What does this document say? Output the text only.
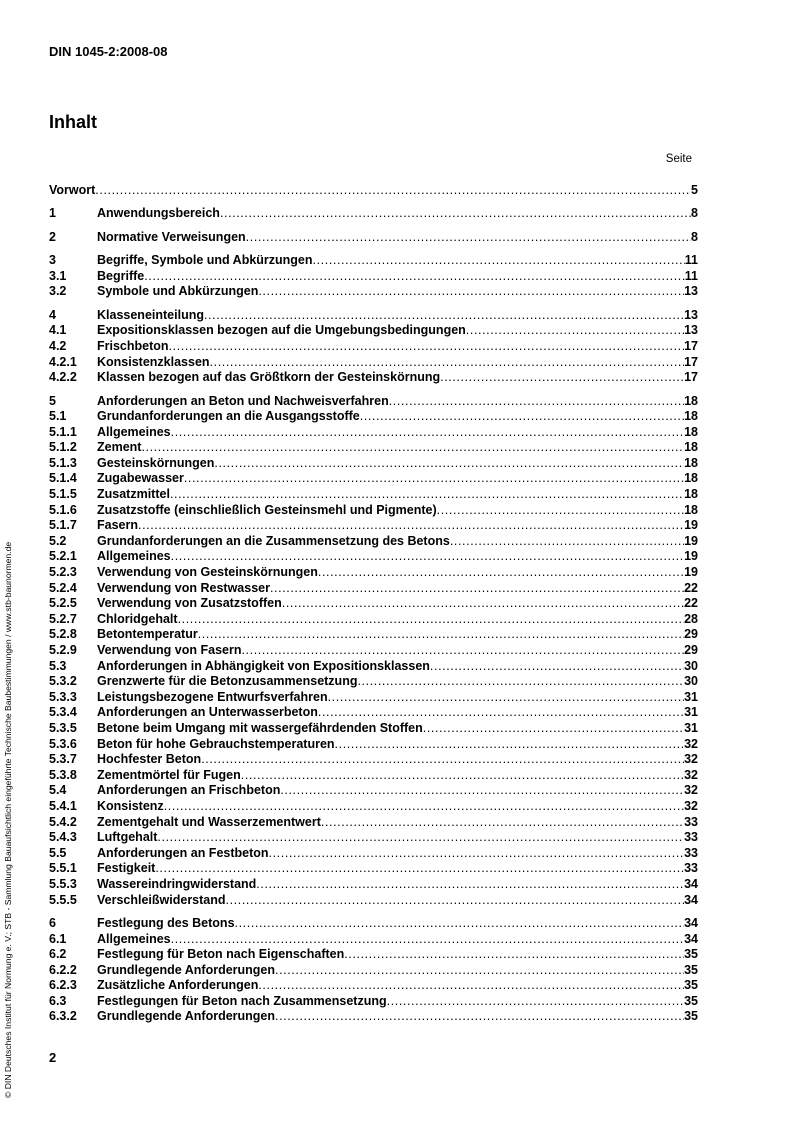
DIN 1045-2:2008-08
Inhalt
Seite
Vorwort .....	5
1	Anwendungsbereich .....	8
2	Normative Verweisungen .....	8
3	Begriffe, Symbole und Abkürzungen .....	11
3.1 Begriffe .....	11
3.2 Symbole und Abkürzungen .....	13
4	Klasseneinteilung .....	13
4.1 Expositionsklassen bezogen auf die Umgebungsbedingungen .....	13
4.2 Frischbeton .....	17
4.2.1 Konsistenzklassen .....	17
4.2.2 Klassen bezogen auf das Größtkorn der Gesteinskörnung .....	17
5	Anforderungen an Beton und Nachweisverfahren .....	18
5.1 Grundanforderungen an die Ausgangsstoffe .....	18
5.1.1 Allgemeines .....	18
5.1.2 Zement .....	18
5.1.3 Gesteinskörnungen .....	18
5.1.4 Zugabewasser .....	18
5.1.5 Zusatzmittel .....	18
5.1.6 Zusatzstoffe (einschließlich Gesteinsmehl und Pigmente) .....	18
5.1.7 Fasern .....	19
5.2 Grundanforderungen an die Zusammensetzung des Betons .....	19
5.2.1 Allgemeines .....	19
5.2.3 Verwendung von Gesteinskörnungen .....	19
5.2.4 Verwendung von Restwasser .....	22
5.2.5 Verwendung von Zusatzstoffen .....	22
5.2.7 Chloridgehalt .....	28
5.2.8 Betontemperatur .....	29
5.2.9 Verwendung von Fasern .....	29
5.3 Anforderungen in Abhängigkeit von Expositionsklassen .....	30
5.3.2 Grenzwerte für die Betonzusammensetzung .....	30
5.3.3 Leistungsbezogene Entwurfsverfahren .....	31
5.3.4 Anforderungen an Unterwasserbeton .....	31
5.3.5 Betone beim Umgang mit wassergefährdenden Stoffen .....	31
5.3.6 Beton für hohe Gebrauchstemperaturen .....	32
5.3.7 Hochfester Beton .....	32
5.3.8 Zementmörtel für Fugen .....	32
5.4 Anforderungen an Frischbeton .....	32
5.4.1 Konsistenz .....	32
5.4.2 Zementgehalt und Wasserzementwert .....	33
5.4.3 Luftgehalt .....	33
5.5 Anforderungen an Festbeton .....	33
5.5.1 Festigkeit .....	33
5.5.3 Wassereindringwiderstand .....	34
5.5.5 Verschleißwiderstand .....	34
6	Festlegung des Betons .....	34
6.1 Allgemeines .....	34
6.2 Festlegung für Beton nach Eigenschaften .....	35
6.2.2 Grundlegende Anforderungen .....	35
6.2.3 Zusätzliche Anforderungen .....	35
6.3 Festlegungen für Beton nach Zusammensetzung .....	35
6.3.2 Grundlegende Anforderungen .....	35
2
© DIN Deutsches Institut für Normung e. V.; STB - Sammlung Bauaufsichtlich eingeführte Technische Baubestimmungen / www.stb-baunormen.de
